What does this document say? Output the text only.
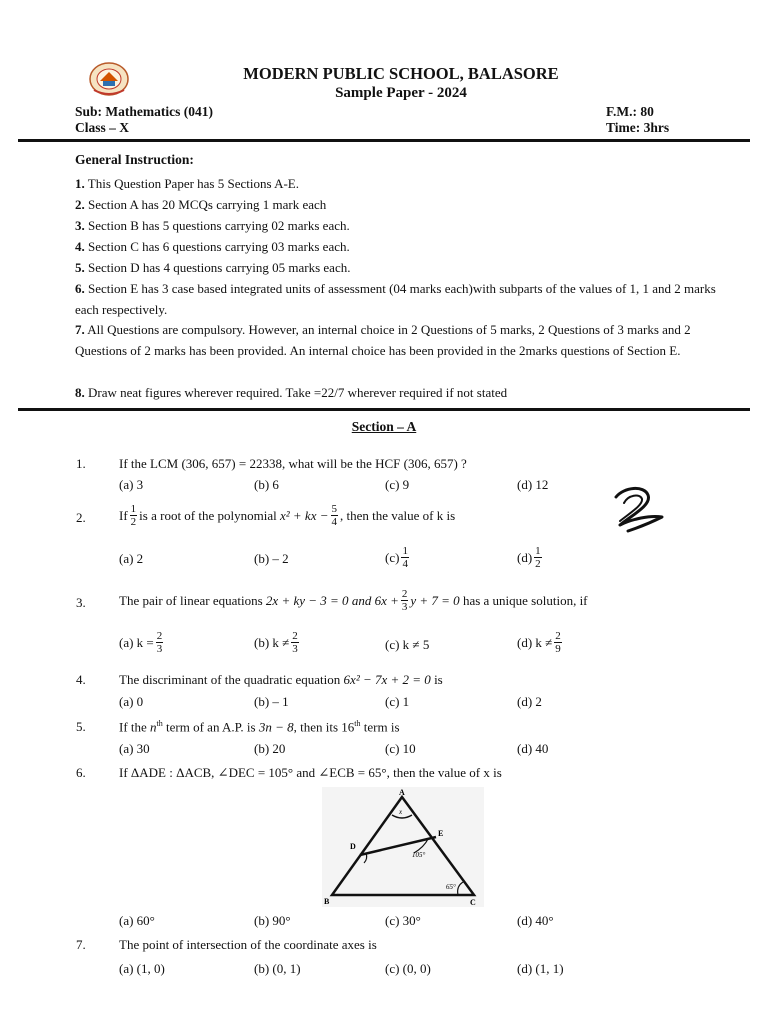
MODERN PUBLIC SCHOOL, BALASORE
Sample Paper - 2024
Sub: Mathematics (041)
Class – X
F.M.: 80
Time: 3hrs
General Instruction:
1. This Question Paper has 5 Sections A-E.
2. Section A has 20 MCQs carrying 1 mark each
3. Section B has 5 questions carrying 02 marks each.
4. Section C has 6 questions carrying 03 marks each.
5. Section D has 4 questions carrying 05 marks each.
6. Section E has 3 case based integrated units of assessment (04 marks each)with subparts of the values of 1, 1 and 2 marks each respectively.
7. All Questions are compulsory. However, an internal choice in 2 Questions of 5 marks, 2 Questions of 3 marks and 2 Questions of 2 marks has been provided. An internal choice has been provided in the 2marks questions of Section E.
8. Draw neat figures wherever required. Take =22/7 wherever required if not stated
Section – A
1.	If the LCM (306, 657) = 22338, what will be the HCF (306, 657) ?
(a) 3	(b) 6	(c) 9	(d) 12
2.	If $\frac{1}{2}$ is a root of the polynomial
x² + kx − $\frac{5}{4}$ , then the value of k is
(a) 2	(b) – 2	$(c) \frac{1}{4}$	$(d) \frac{1}{2}$
3.	The pair of linear equations
2x + ky − 3 = 0
and
$6x + \frac{2}{3}$ y + 7 = 0
has a unique solution, if
(a) $k = \frac{2}{3}$	(b) $k \ne \frac{2}{3}$	(c) k ≠ 5	(d) $k \ne \frac{2}{9}$
4.	The discriminant of the quadratic equation 6x² − 7x + 2 = 0 is
(a) 0	(b) – 1	(c) 1	(d) 2
5.	If the $n^{th}$ term of an A.P. is 3n − 8, then its 16th term is
(a) 30	(b) 20	(c) 10	(d) 40
6.	If ΔADE : ΔACB, ∠DEC = 105° and ∠ECB = 65°, then the value of x is
A
B	C
D
E
x
105°
65°
(a) 60°	(b) 90°	(c) 30°	(d) 40°
7.	The point of intersection of the coordinate axes is
(a) (1, 0)	(b) (0, 1)	(c) (0, 0)	(d) (1, 1)
